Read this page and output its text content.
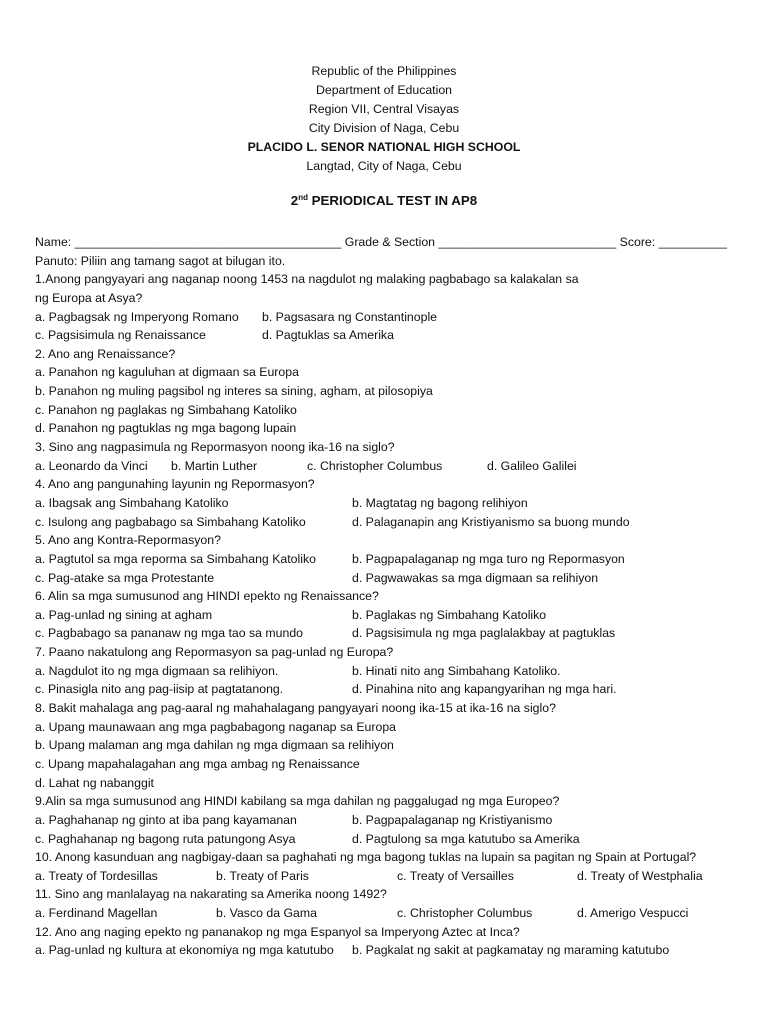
Republic of the Philippines
Department of Education
Region VII, Central Visayas
City Division of Naga, Cebu
PLACIDO L. SENOR NATIONAL HIGH SCHOOL
Langtad, City of Naga, Cebu
2nd PERIODICAL TEST IN AP8
Name: _______________________________________ Grade & Section __________________________ Score: __________
Panuto: Piliin ang tamang sagot at bilugan ito.
1.Anong pangyayari ang naganap noong 1453 na nagdulot ng malaking pagbabago sa kalakalan sa
ng Europa at Asya?
a. Pagbagsak ng Imperyong Romano b. Pagsasara ng Constantinople
c. Pagsisimula ng Renaissance	d. Pagtuklas sa Amerika
2. Ano ang Renaissance?
a. Panahon ng kaguluhan at digmaan sa Europa
b. Panahon ng muling pagsibol ng interes sa sining, agham, at pilosopiya
c. Panahon ng paglakas ng Simbahang Katoliko
d. Panahon ng pagtuklas ng mga bagong lupain
3. Sino ang nagpasimula ng Repormasyon noong ika-16 na siglo?
a. Leonardo da Vinci b. Martin Luther	c. Christopher Columbus	d. Galileo Galilei
4. Ano ang pangunahing layunin ng Repormasyon?
a. Ibagsak ang Simbahang Katoliko	b. Magtatag ng bagong relihiyon
c. Isulong ang pagbabago sa Simbahang Katoliko	d. Palaganapin ang Kristiyanismo sa buong mundo
5. Ano ang Kontra-Repormasyon?
a. Pagtutol sa mga reporma sa Simbahang Katoliko	b. Pagpapalaganap ng mga turo ng Repormasyon
c. Pag-atake sa mga Protestante	d. Pagwawakas sa mga digmaan sa relihiyon
6. Alin sa mga sumusunod ang HINDI epekto ng Renaissance?
a. Pag-unlad ng sining at agham	b. Paglakas ng Simbahang Katoliko
c. Pagbabago sa pananaw ng mga tao sa mundo	d. Pagsisimula ng mga paglalakbay at pagtuklas
7. Paano nakatulong ang Repormasyon sa pag-unlad ng Europa?
a. Nagdulot ito ng mga digmaan sa relihiyon.	b. Hinati nito ang Simbahang Katoliko.
c. Pinasigla nito ang pag-iisip at pagtatanong.	d. Pinahina nito ang kapangyarihan ng mga hari.
8. Bakit mahalaga ang pag-aaral ng mahahalagang pangyayari noong ika-15 at ika-16 na siglo?
a. Upang maunawaan ang mga pagbabagong naganap sa Europa
b. Upang malaman ang mga dahilan ng mga digmaan sa relihiyon
c. Upang mapahalagahan ang mga ambag ng Renaissance
d. Lahat ng nabanggit
9.Alin sa mga sumusunod ang HINDI kabilang sa mga dahilan ng paggalugad ng mga Europeo?
a. Paghahanap ng ginto at iba pang kayamanan	b. Pagpapalaganap ng Kristiyanismo
c. Paghahanap ng bagong ruta patungong Asya	d. Pagtulong sa mga katutubo sa Amerika
10. Anong kasunduan ang nagbigay-daan sa paghahati ng mga bagong tuklas na lupain sa pagitan ng Spain at Portugal?
a. Treaty of Tordesillas	b. Treaty of Paris	c. Treaty of Versailles	d. Treaty of Westphalia
11. Sino ang manlalayag na nakarating sa Amerika noong 1492?
a. Ferdinand Magellan	b. Vasco da Gama	c. Christopher Columbus	d. Amerigo Vespucci
12. Ano ang naging epekto ng pananakop ng mga Espanyol sa Imperyong Aztec at Inca?
a. Pag-unlad ng kultura at ekonomiya ng mga katutubo b. Pagkalat ng sakit at pagkamatay ng maraming katutubo
